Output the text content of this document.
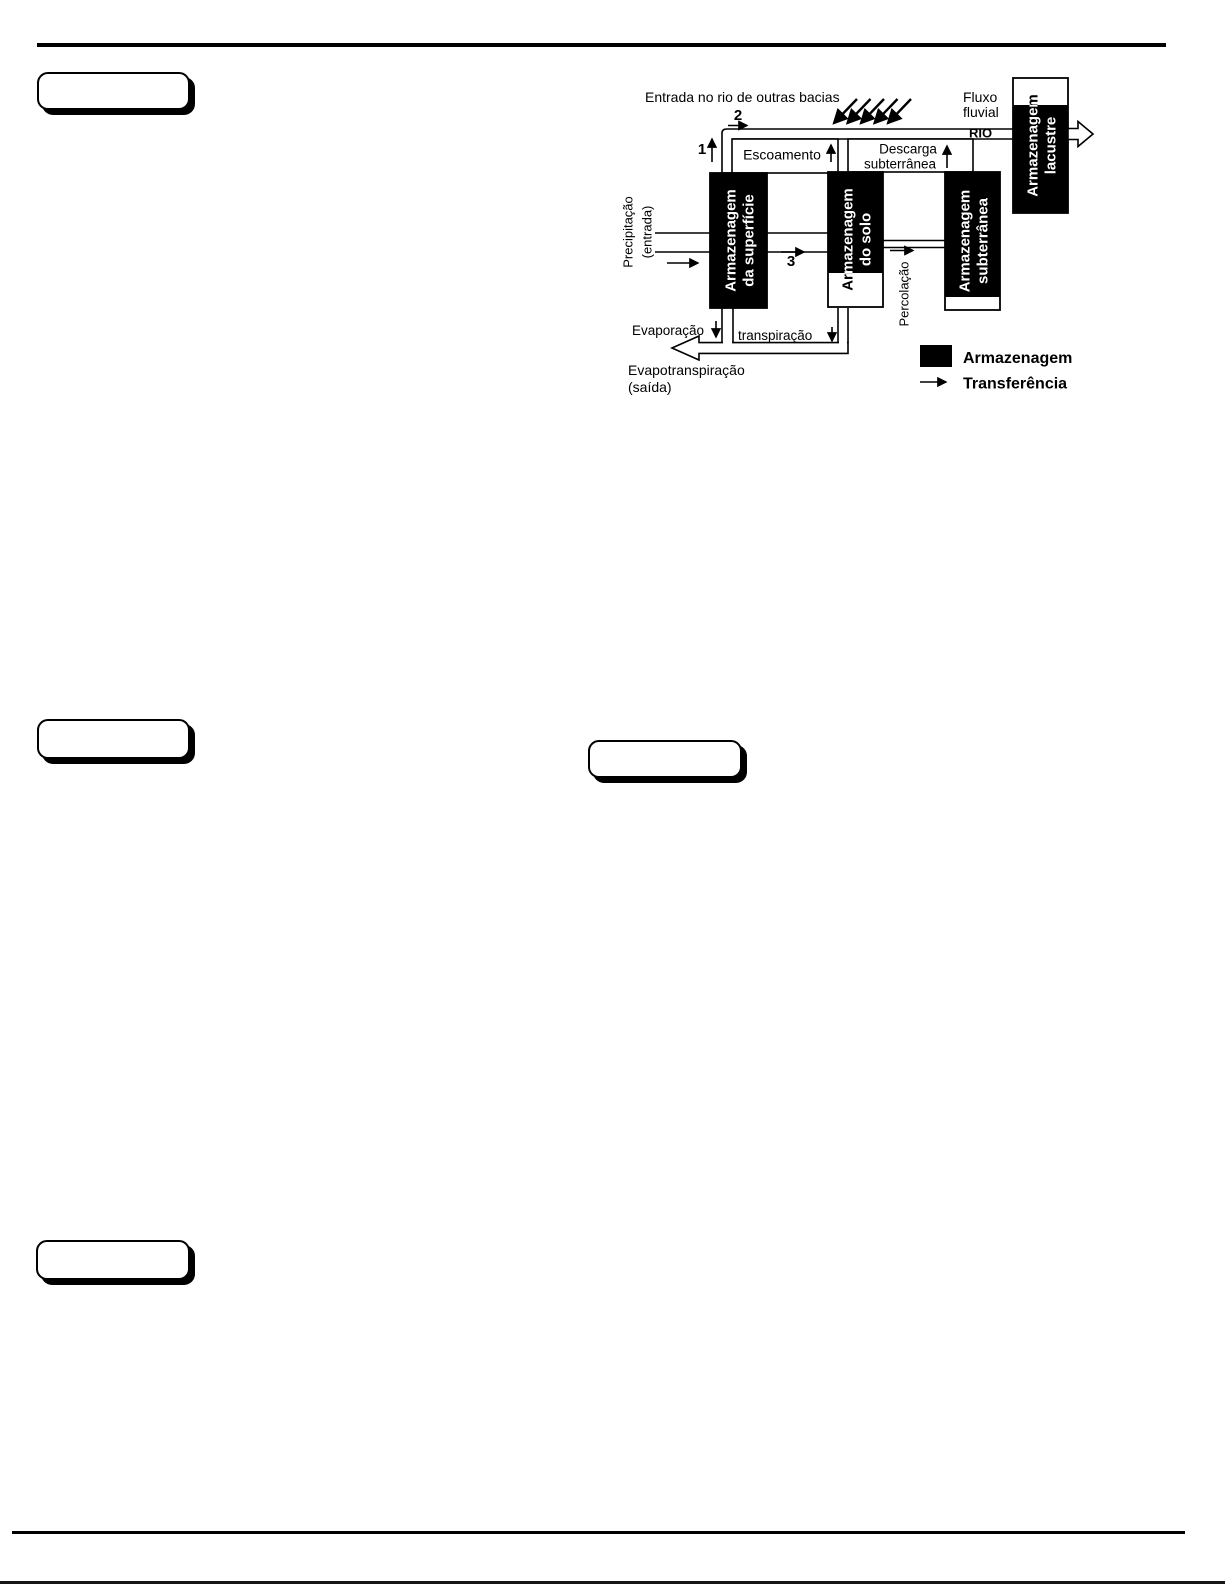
Armazenagem da superfície	Armazenagem do solo	Armazenagem subterrânea
Armazenagem lacustre
Entrada no rio de outras bacias
2
1
3
Escoamento	Descarga
subterrânea
Fluxo
fluvial
RIO
Precipitação (entrada)
Evaporação	transpiração
Evapotranspiração
(saída)
Percolação
Armazenagem
Transferência
